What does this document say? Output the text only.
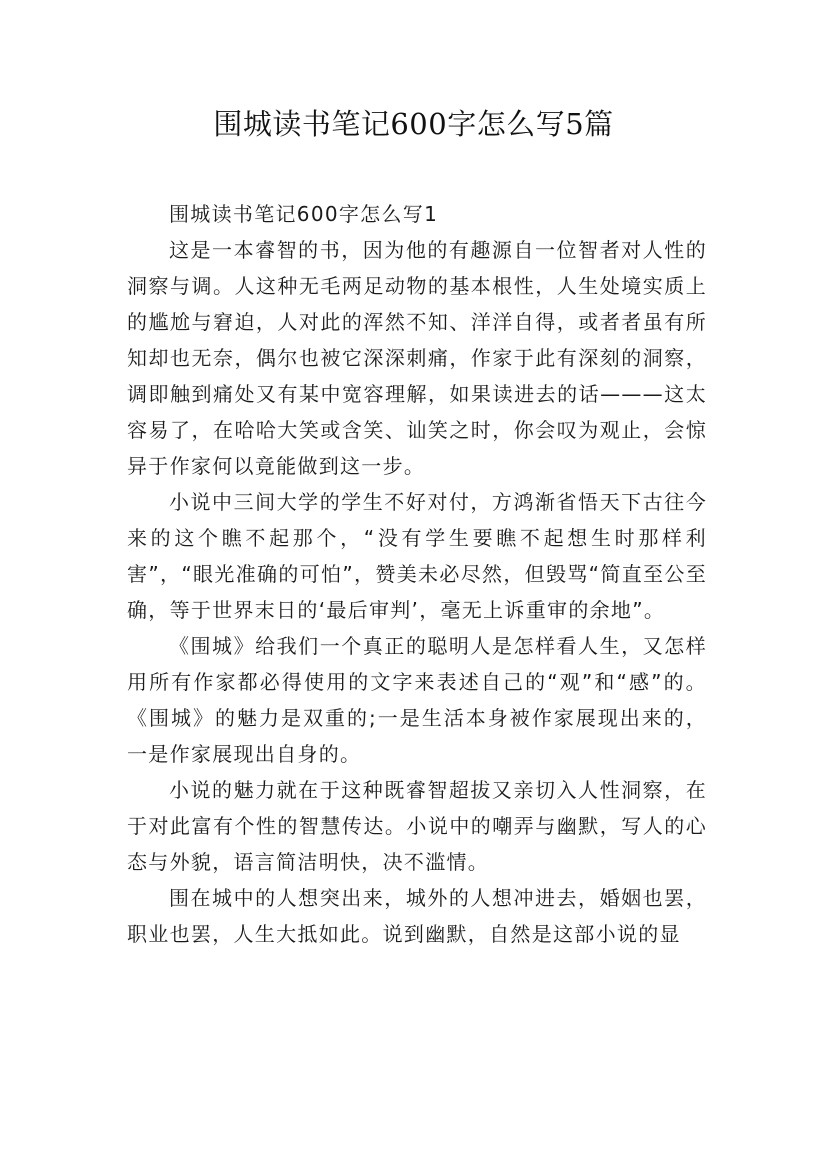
围城读书笔记600字怎么写5篇

围城读书笔记600字怎么写1

这是一本睿智的书，因为他的有趣源自一位智者对人性的洞察与调。人这种无毛两足动物的基本根性，人生处境实质上的尴尬与窘迫，人对此的浑然不知、洋洋自得，或者者虽有所知却也无奈，偶尔也被它深深刺痛，作家于此有深刻的洞察，调即触到痛处又有某中宽容理解，如果读进去的话———这太容易了，在哈哈大笑或含笑、讪笑之时，你会叹为观止，会惊异于作家何以竟能做到这一步。

小说中三间大学的学生不好对付，方鸿渐省悟天下古往今来的这个瞧不起那个，“没有学生要瞧不起想生时那样利害”，“眼光准确的可怕”，赞美未必尽然，但毁骂“简直至公至确，等于世界末日的‘最后审判’，毫无上诉重审的余地”。

《围城》给我们一个真正的聪明人是怎样看人生，又怎样用所有作家都必得使用的文字来表述自己的“观”和“感”的。《围城》的魅力是双重的;一是生活本身被作家展现出来的，一是作家展现出自身的。

小说的魅力就在于这种既睿智超拔又亲切入人性洞察，在于对此富有个性的智慧传达。小说中的嘲弄与幽默，写人的心态与外貌，语言简洁明快，决不滥情。

围在城中的人想突出来，城外的人想冲进去，婚姻也罢，职业也罢，人生大抵如此。说到幽默，自然是这部小说的显
